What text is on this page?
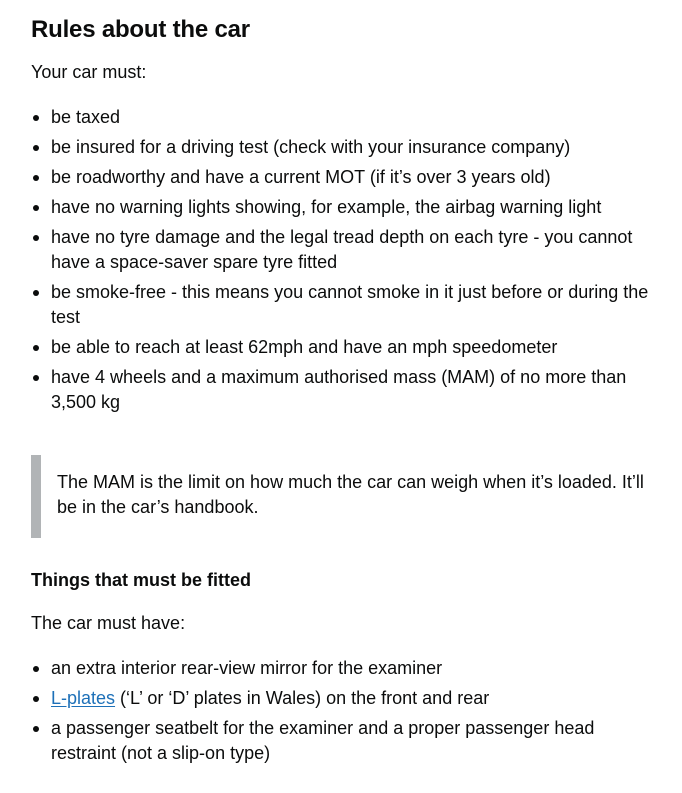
Rules about the car

Your car must:

be taxed
be insured for a driving test (check with your insurance company)
be roadworthy and have a current MOT (if it’s over 3 years old)
have no warning lights showing, for example, the airbag warning light
have no tyre damage and the legal tread depth on each tyre - you cannot have a space-saver spare tyre fitted
be smoke-free - this means you cannot smoke in it just before or during the test
be able to reach at least 62mph and have an mph speedometer
have 4 wheels and a maximum authorised mass (MAM) of no more than 3,500 kg
The MAM is the limit on how much the car can weigh when it’s loaded. It’ll be in the car’s handbook.
Things that must be fitted

The car must have:

an extra interior rear-view mirror for the examiner
L-plates (‘L’ or ‘D’ plates in Wales) on the front and rear
a passenger seatbelt for the examiner and a proper passenger head restraint (not a slip-on type)
